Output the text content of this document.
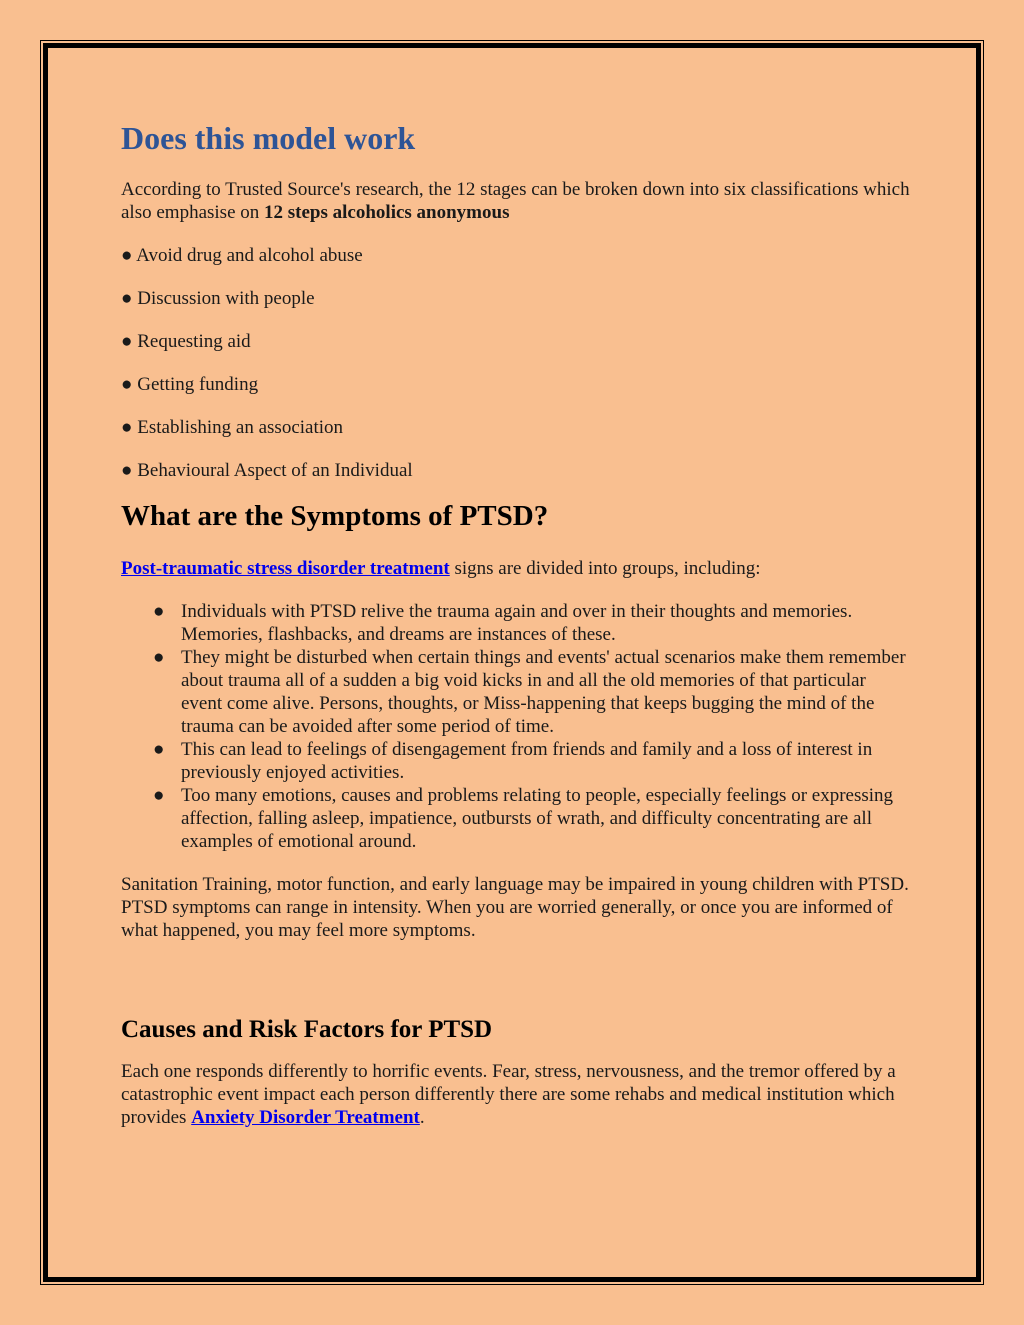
Does this model work

According to Trusted Source's research, the 12 stages can be broken down into six classifications which also emphasise on 12 steps alcoholics anonymous

● Avoid drug and alcohol abuse

● Discussion with people

● Requesting aid

● Getting funding

● Establishing an association

● Behavioural Aspect of an Individual

What are the Symptoms of PTSD?

Post-traumatic stress disorder treatment signs are divided into groups, including:

● Individuals with PTSD relive the trauma again and over in their thoughts and memories. Memories, flashbacks, and dreams are instances of these.
● They might be disturbed when certain things and events' actual scenarios make them remember about trauma all of a sudden a big void kicks in and all the old memories of that particular event come alive. Persons, thoughts, or Miss-happening that keeps bugging the mind of the trauma can be avoided after some period of time.
● This can lead to feelings of disengagement from friends and family and a loss of interest in previously enjoyed activities.
● Too many emotions, causes and problems relating to people, especially feelings or expressing affection, falling asleep, impatience, outbursts of wrath, and difficulty concentrating are all examples of emotional around.

Sanitation Training, motor function, and early language may be impaired in young children with PTSD. PTSD symptoms can range in intensity. When you are worried generally, or once you are informed of what happened, you may feel more symptoms.

Causes and Risk Factors for PTSD

Each one responds differently to horrific events. Fear, stress, nervousness, and the tremor offered by a catastrophic event impact each person differently there are some rehabs and medical institution which provides Anxiety Disorder Treatment.
